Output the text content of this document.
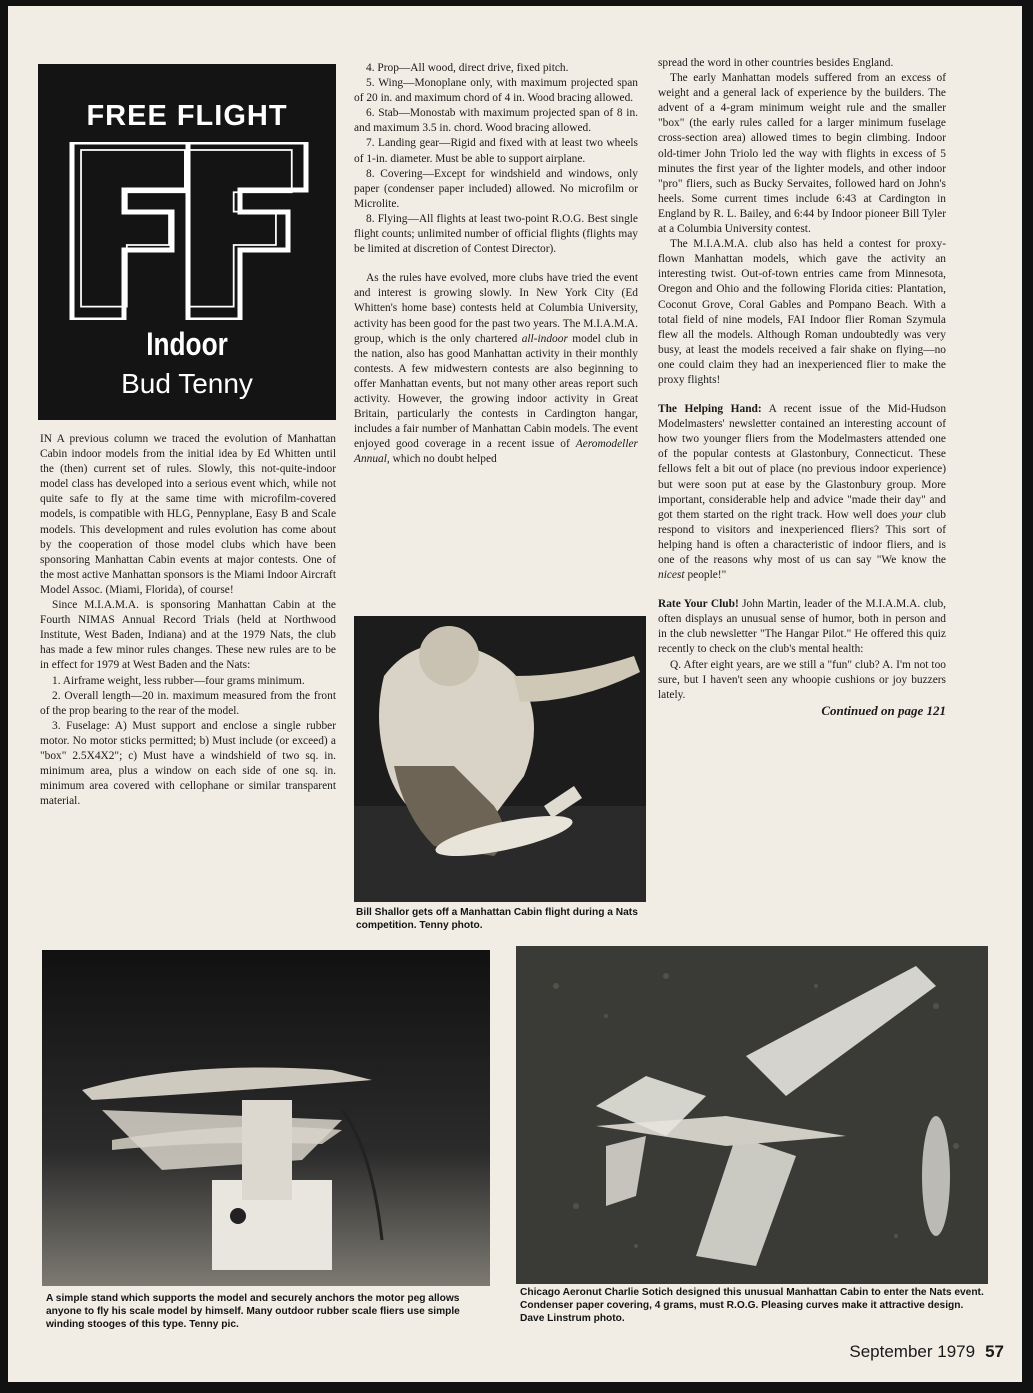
FREE FLIGHT
Indoor
Bud Tenny

IN A previous column we traced the evolution of Manhattan Cabin indoor models from the initial idea by Ed Whitten until the (then) current set of rules. Slowly, this not-quite-indoor model class has developed into a serious event which, while not quite safe to fly at the same time with microfilm-covered models, is compatible with HLG, Pennyplane, Easy B and Scale models. This development and rules evolution has come about by the cooperation of those model clubs which have been sponsoring Manhattan Cabin events at major contests. One of the most active Manhattan sponsors is the Miami Indoor Aircraft Model Assoc. (Miami, Florida), of course!

Since M.I.A.M.A. is sponsoring Manhattan Cabin at the Fourth NIMAS Annual Record Trials (held at Northwood Institute, West Baden, Indiana) and at the 1979 Nats, the club has made a few minor rules changes. These new rules are to be in effect for 1979 at West Baden and the Nats:

1. Airframe weight, less rubber—four grams minimum.

2. Overall length—20 in. maximum measured from the front of the prop bearing to the rear of the model.

3. Fuselage: A) Must support and enclose a single rubber motor. No motor sticks permitted; b) Must include (or exceed) a "box" 2.5X4X2"; c) Must have a windshield of two sq. in. minimum area, plus a window on each side of one sq. in. minimum area covered with cellophane or similar transparent material.

4. Prop—All wood, direct drive, fixed pitch.

5. Wing—Monoplane only, with maximum projected span of 20 in. and maximum chord of 4 in. Wood bracing allowed.

6. Stab—Monostab with maximum projected span of 8 in. and maximum 3.5 in. chord. Wood bracing allowed.

7. Landing gear—Rigid and fixed with at least two wheels of 1-in. diameter. Must be able to support airplane.

8. Covering—Except for windshield and windows, only paper (condenser paper included) allowed. No microfilm or Microlite.

8. Flying—All flights at least two-point R.O.G. Best single flight counts; unlimited number of official flights (flights may be limited at discretion of Contest Director).

As the rules have evolved, more clubs have tried the event and interest is growing slowly. In New York City (Ed Whitten's home base) contests held at Columbia University, activity has been good for the past two years. The M.I.A.M.A. group, which is the only chartered all-indoor model club in the nation, also has good Manhattan activity in their monthly contests. A few midwestern contests are also beginning to offer Manhattan events, but not many other areas report such activity. However, the growing indoor activity in Great Britain, particularly the contests in Cardington hangar, includes a fair number of Manhattan Cabin models. The event enjoyed good coverage in a recent issue of Aeromodeller Annual, which no doubt helped

Bill Shallor gets off a Manhattan Cabin flight during a Nats competition. Tenny photo.

spread the word in other countries besides England.

The early Manhattan models suffered from an excess of weight and a general lack of experience by the builders. The advent of a 4-gram minimum weight rule and the smaller "box" (the early rules called for a larger minimum fuselage cross-section area) allowed times to begin climbing. Indoor old-timer John Triolo led the way with flights in excess of 5 minutes the first year of the lighter models, and other indoor "pro" fliers, such as Bucky Servaites, followed hard on John's heels. Some current times include 6:43 at Cardington in England by R. L. Bailey, and 6:44 by Indoor pioneer Bill Tyler at a Columbia University contest.

The M.I.A.M.A. club also has held a contest for proxy-flown Manhattan models, which gave the activity an interesting twist. Out-of-town entries came from Minnesota, Oregon and Ohio and the following Florida cities: Plantation, Coconut Grove, Coral Gables and Pompano Beach. With a total field of nine models, FAI Indoor flier Roman Szymula flew all the models. Although Roman undoubtedly was very busy, at least the models received a fair shake on flying—no one could claim they had an inexperienced flier to make the proxy flights!

The Helping Hand: A recent issue of the Mid-Hudson Modelmasters' newsletter contained an interesting account of how two younger fliers from the Modelmasters attended one of the popular contests at Glastonbury, Connecticut. These fellows felt a bit out of place (no previous indoor experience) but were soon put at ease by the Glastonbury group. More important, considerable help and advice "made their day" and got them started on the right track. How well does your club respond to visitors and inexperienced fliers? This sort of helping hand is often a characteristic of indoor fliers, and is one of the reasons why most of us can say "We know the nicest people!"

Rate Your Club! John Martin, leader of the M.I.A.M.A. club, often displays an unusual sense of humor, both in person and in the club newsletter "The Hangar Pilot." He offered this quiz recently to check on the club's mental health:

Q. After eight years, are we still a "fun" club? A. I'm not too sure, but I haven't seen any whoopie cushions or joy buzzers lately.

Continued on page 121

A simple stand which supports the model and securely anchors the motor peg allows anyone to fly his scale model by himself. Many outdoor rubber scale fliers use simple winding stooges of this type. Tenny pic.
Chicago Aeronut Charlie Sotich designed this unusual Manhattan Cabin to enter the Nats event. Condenser paper covering, 4 grams, must R.O.G. Pleasing curves make it attractive design. Dave Linstrum photo.
September 1979 57
